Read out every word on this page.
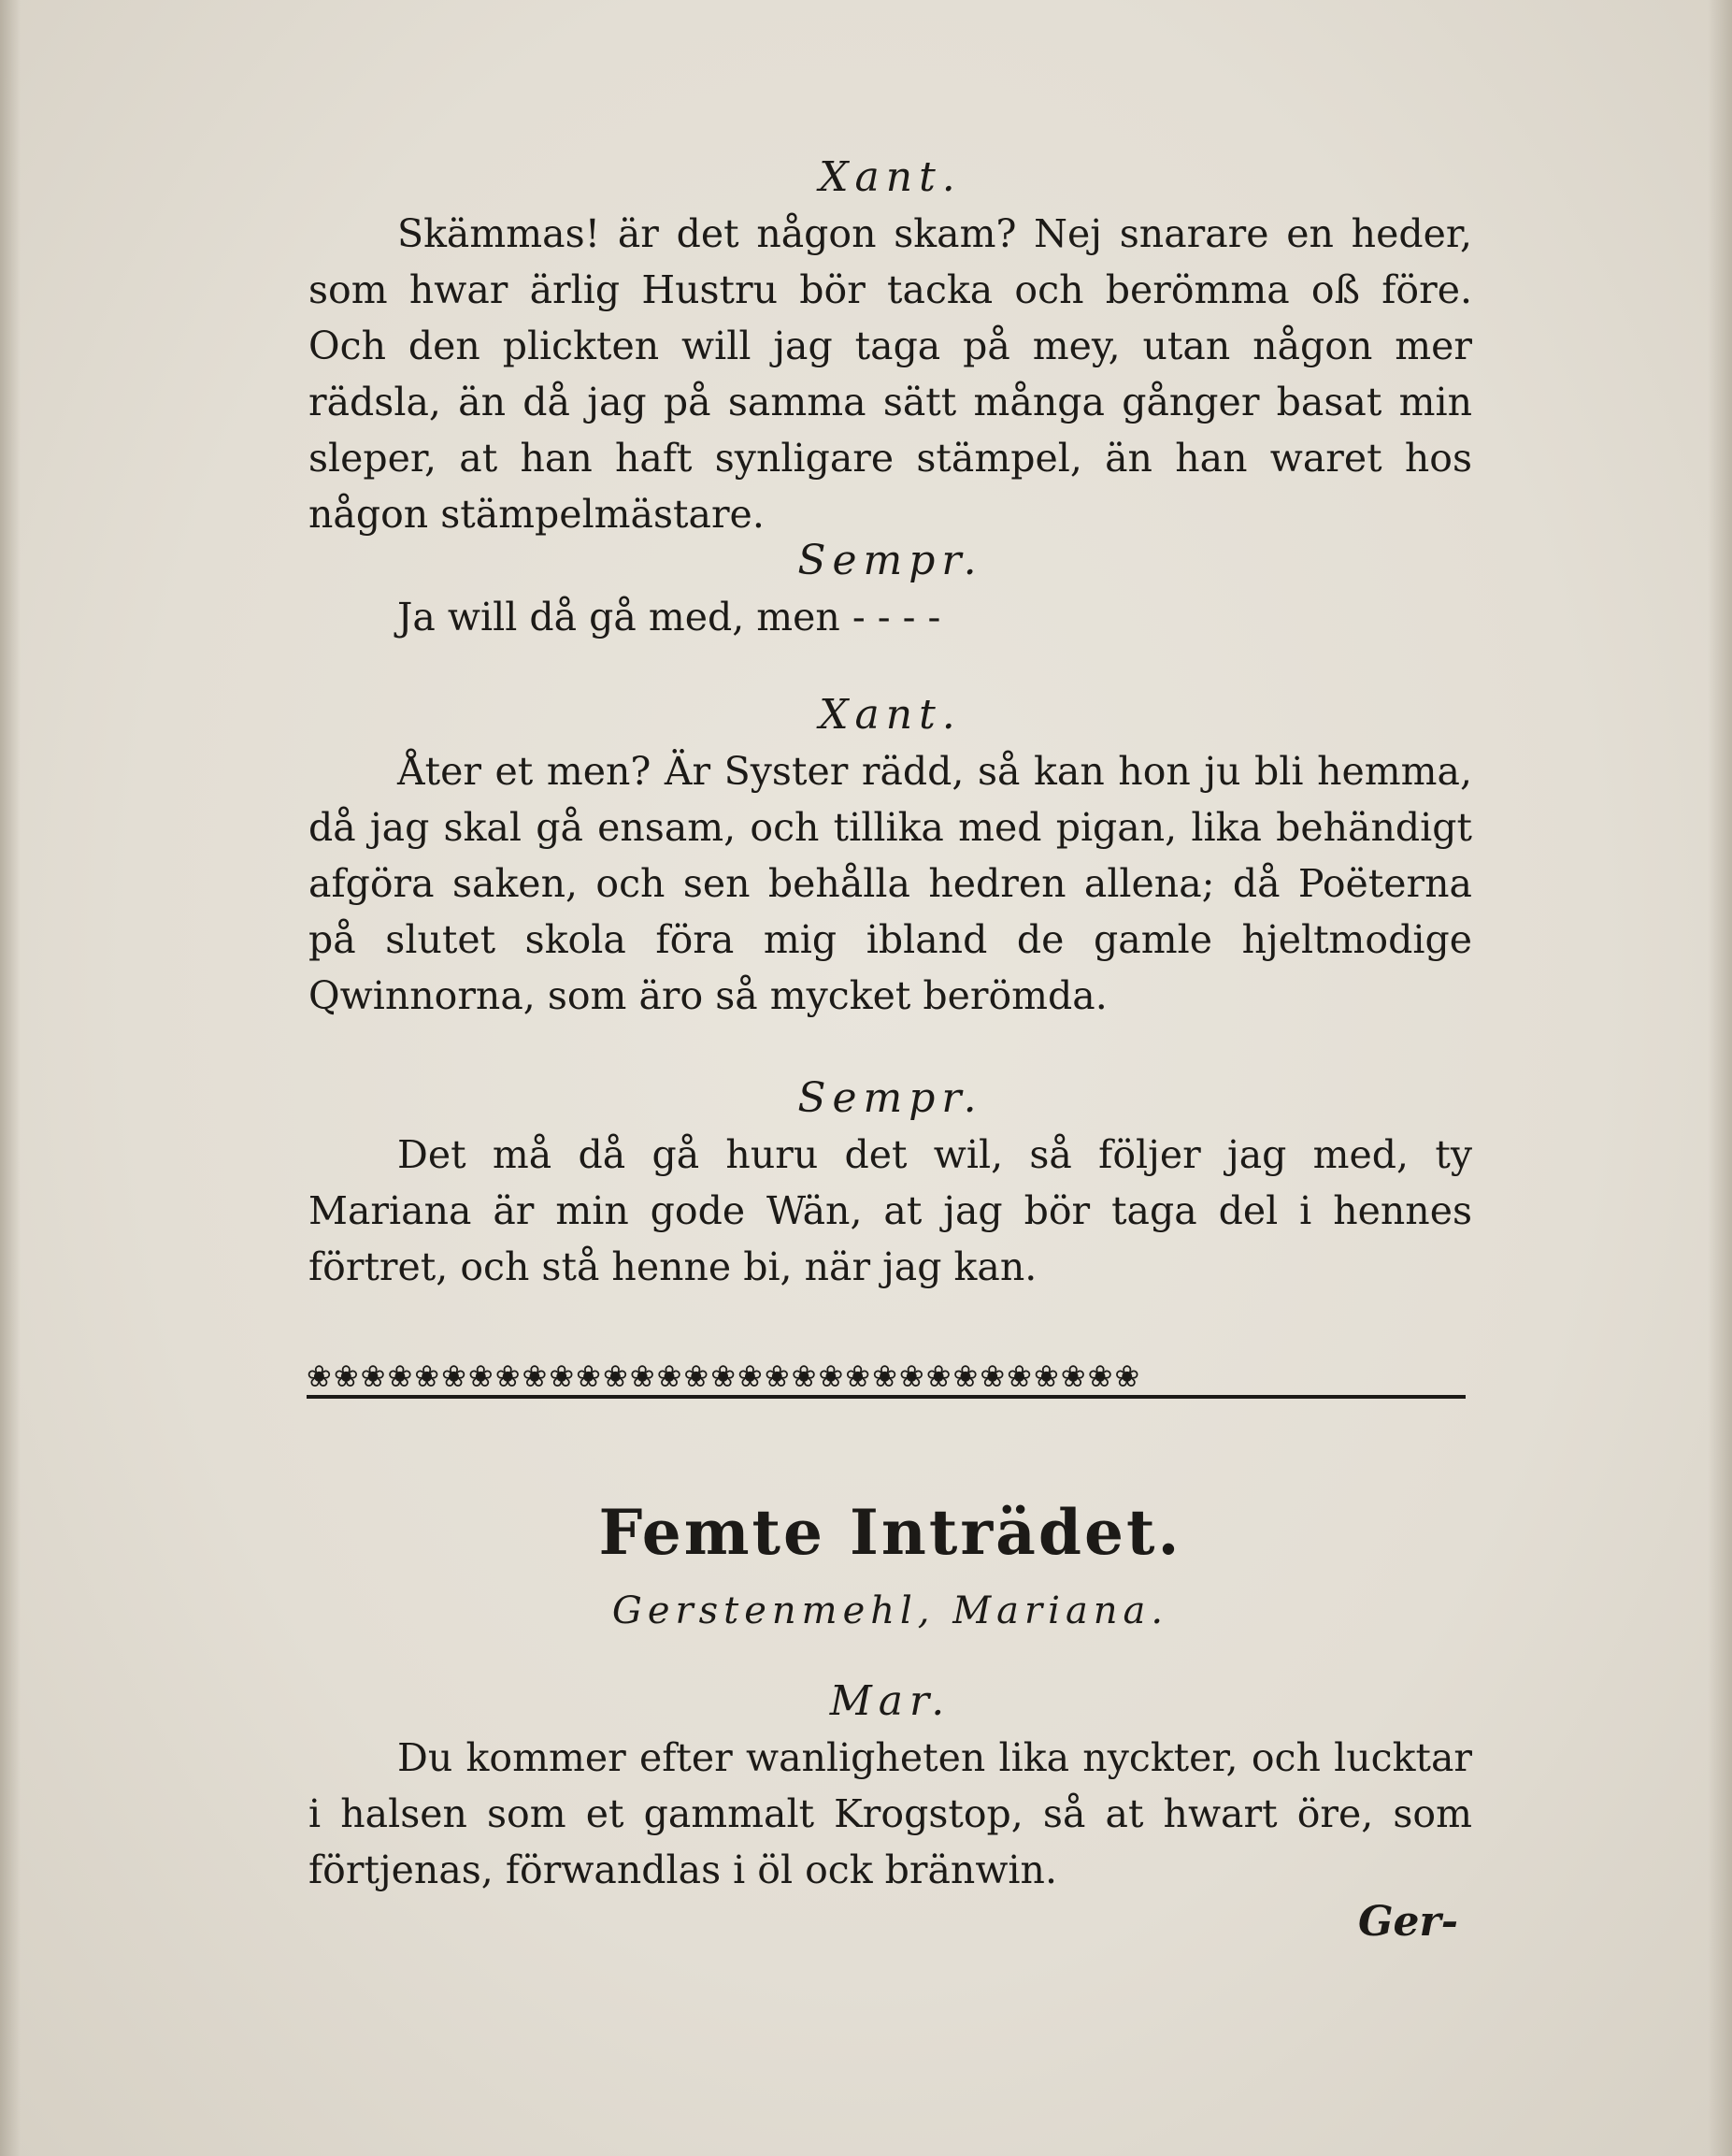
Xant.

Skämmas! är det någon skam? Nej snarare en heder, som hwar ärlig Hustru bör tacka och berömma oß före. Och den plickten will jag taga på mey, utan någon mer rädsla, än då jag på samma sätt många gånger basat min sleper, at han haft synligare stämpel, än han waret hos någon stämpelmästare.

Sempr.

Ja will då gå med, men - - - -

Xant.

Åter et men? Är Syster rädd, så kan hon ju bli hemma, då jag skal gå ensam, och tillika med pigan, lika behändigt afgöra saken, och sen behålla hedren allena; då Poëterna på slutet skola föra mig ibland de gamle hjeltmodige Qwinnorna, som äro så mycket berömda.

Sempr.

Det må då gå huru det wil, så följer jag med, ty Mariana är min gode Wän, at jag bör taga del i hennes förtret, och stå henne bi, när jag kan.

❀❀❀❀❀❀❀❀❀❀❀❀❀❀❀❀❀❀❀❀❀❀❀❀❀❀❀❀❀❀❀

Femte Inträdet.

Gerstenmehl, Mariana.

Mar.

Du kommer efter wanligheten lika nyckter, och lucktar i halsen som et gammalt Krogstop, så at hwart öre, som förtjenas, förwandlas i öl ock bränwin.

Ger-
